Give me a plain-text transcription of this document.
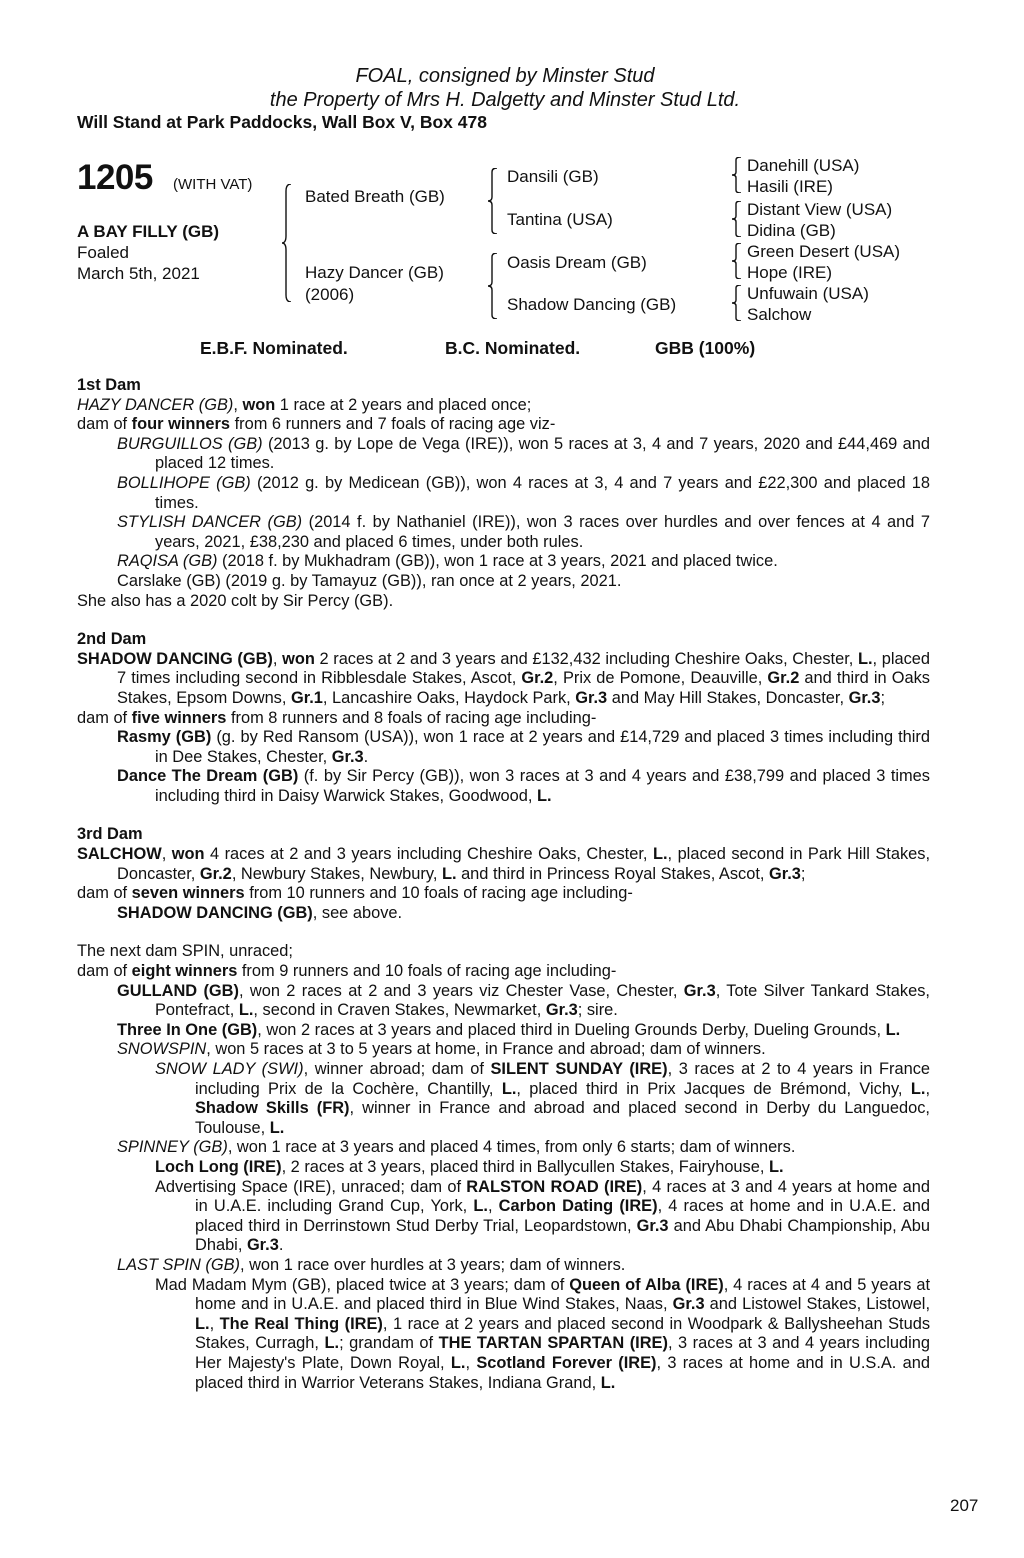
FOAL, consigned by Minster Stud
the Property of Mrs H. Dalgetty and Minster Stud Ltd.
Will Stand at Park Paddocks, Wall Box V, Box 478
1205 (WITH VAT)
A BAY FILLY (GB)
Foaled
March 5th, 2021
Bated Breath (GB)
Hazy Dancer (GB)
(2006)
Dansili (GB)
Tantina (USA)
Oasis Dream (GB)
Shadow Dancing (GB)
Danehill (USA)
Hasili (IRE)
Distant View (USA)
Didina (GB)
Green Desert (USA)
Hope (IRE)
Unfuwain (USA)
Salchow
E.B.F. Nominated.	B.C. Nominated.	GBB (100%)
1st Dam
HAZY DANCER (GB), won 1 race at 2 years and placed once;
dam of four winners from 6 runners and 7 foals of racing age viz-
BURGUILLOS (GB) (2013 g. by Lope de Vega (IRE)), won 5 races at 3, 4 and 7 years, 2020 and £44,469 and placed 12 times.
BOLLIHOPE (GB) (2012 g. by Medicean (GB)), won 4 races at 3, 4 and 7 years and £22,300 and placed 18 times.
STYLISH DANCER (GB) (2014 f. by Nathaniel (IRE)), won 3 races over hurdles and over fences at 4 and 7 years, 2021, £38,230 and placed 6 times, under both rules.
RAQISA (GB) (2018 f. by Mukhadram (GB)), won 1 race at 3 years, 2021 and placed twice.
Carslake (GB) (2019 g. by Tamayuz (GB)), ran once at 2 years, 2021.
She also has a 2020 colt by Sir Percy (GB).
2nd Dam
SHADOW DANCING (GB), won 2 races at 2 and 3 years and £132,432 including Cheshire Oaks, Chester, L., placed 7 times including second in Ribblesdale Stakes, Ascot, Gr.2, Prix de Pomone, Deauville, Gr.2 and third in Oaks Stakes, Epsom Downs, Gr.1, Lancashire Oaks, Haydock Park, Gr.3 and May Hill Stakes, Doncaster, Gr.3;
dam of five winners from 8 runners and 8 foals of racing age including-
Rasmy (GB) (g. by Red Ransom (USA)), won 1 race at 2 years and £14,729 and placed 3 times including third in Dee Stakes, Chester, Gr.3.
Dance The Dream (GB) (f. by Sir Percy (GB)), won 3 races at 3 and 4 years and £38,799 and placed 3 times including third in Daisy Warwick Stakes, Goodwood, L.
3rd Dam
SALCHOW, won 4 races at 2 and 3 years including Cheshire Oaks, Chester, L., placed second in Park Hill Stakes, Doncaster, Gr.2, Newbury Stakes, Newbury, L. and third in Princess Royal Stakes, Ascot, Gr.3;
dam of seven winners from 10 runners and 10 foals of racing age including-
SHADOW DANCING (GB), see above.
The next dam SPIN, unraced;
dam of eight winners from 9 runners and 10 foals of racing age including-
GULLAND (GB), won 2 races at 2 and 3 years viz Chester Vase, Chester, Gr.3, Tote Silver Tankard Stakes, Pontefract, L., second in Craven Stakes, Newmarket, Gr.3; sire.
Three In One (GB), won 2 races at 3 years and placed third in Dueling Grounds Derby, Dueling Grounds, L.
SNOWSPIN, won 5 races at 3 to 5 years at home, in France and abroad; dam of winners.
SNOW LADY (SWI), winner abroad; dam of SILENT SUNDAY (IRE), 3 races at 2 to 4 years in France including Prix de la Cochère, Chantilly, L., placed third in Prix Jacques de Brémond, Vichy, L., Shadow Skills (FR), winner in France and abroad and placed second in Derby du Languedoc, Toulouse, L.
SPINNEY (GB), won 1 race at 3 years and placed 4 times, from only 6 starts; dam of winners.
Loch Long (IRE), 2 races at 3 years, placed third in Ballycullen Stakes, Fairyhouse, L.
Advertising Space (IRE), unraced; dam of RALSTON ROAD (IRE), 4 races at 3 and 4 years at home and in U.A.E. including Grand Cup, York, L., Carbon Dating (IRE), 4 races at home and in U.A.E. and placed third in Derrinstown Stud Derby Trial, Leopardstown, Gr.3 and Abu Dhabi Championship, Abu Dhabi, Gr.3.
LAST SPIN (GB), won 1 race over hurdles at 3 years; dam of winners.
Mad Madam Mym (GB), placed twice at 3 years; dam of Queen of Alba (IRE), 4 races at 4 and 5 years at home and in U.A.E. and placed third in Blue Wind Stakes, Naas, Gr.3 and Listowel Stakes, Listowel, L., The Real Thing (IRE), 1 race at 2 years and placed second in Woodpark & Ballysheehan Studs Stakes, Curragh, L.; grandam of THE TARTAN SPARTAN (IRE), 3 races at 3 and 4 years including Her Majesty's Plate, Down Royal, L., Scotland Forever (IRE), 3 races at home and in U.S.A. and placed third in Warrior Veterans Stakes, Indiana Grand, L.
207
